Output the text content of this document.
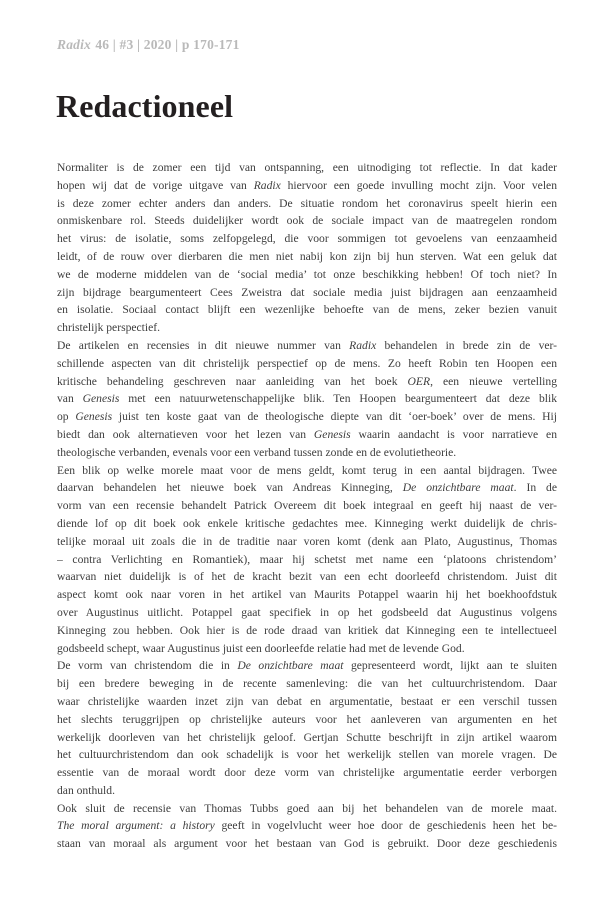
Radix 46 | #3 | 2020 | p 170-171
Redactioneel
Normaliter is de zomer een tijd van ontspanning, een uitnodiging tot reflectie. In dat kader
hopen wij dat de vorige uitgave van Radix hiervoor een goede invulling mocht zijn. Voor velen
is deze zomer echter anders dan anders. De situatie rondom het coronavirus speelt hierin een
onmiskenbare rol. Steeds duidelijker wordt ook de sociale impact van de maatregelen rondom
het virus: de isolatie, soms zelfopgelegd, die voor sommigen tot gevoelens van eenzaamheid
leidt, of de rouw over dierbaren die men niet nabij kon zijn bij hun sterven. Wat een geluk dat
we de moderne middelen van de ‘social media’ tot onze beschikking hebben! Of toch niet? In
zijn bijdrage beargumenteert Cees Zweistra dat sociale media juist bijdragen aan eenzaamheid
en isolatie. Sociaal contact blijft een wezenlijke behoefte van de mens, zeker bezien vanuit
christelijk perspectief.
De artikelen en recensies in dit nieuwe nummer van Radix behandelen in brede zin de ver-
schillende aspecten van dit christelijk perspectief op de mens. Zo heeft Robin ten Hoopen een
kritische behandeling geschreven naar aanleiding van het boek OER, een nieuwe vertelling
van Genesis met een natuurwetenschappelijke blik. Ten Hoopen beargumenteert dat deze blik
op Genesis juist ten koste gaat van de theologische diepte van dit ‘oer-boek’ over de mens. Hij
biedt dan ook alternatieven voor het lezen van Genesis waarin aandacht is voor narratieve en
theologische verbanden, evenals voor een verband tussen zonde en de evolutietheorie.
Een blik op welke morele maat voor de mens geldt, komt terug in een aantal bijdragen. Twee
daarvan behandelen het nieuwe boek van Andreas Kinneging, De onzichtbare maat. In de
vorm van een recensie behandelt Patrick Overeem dit boek integraal en geeft hij naast de ver-
diende lof op dit boek ook enkele kritische gedachtes mee. Kinneging werkt duidelijk de chris-
telijke moraal uit zoals die in de traditie naar voren komt (denk aan Plato, Augustinus, Thomas
– contra Verlichting en Romantiek), maar hij schetst met name een ‘platoons christendom’
waarvan niet duidelijk is of het de kracht bezit van een echt doorleefd christendom. Juist dit
aspect komt ook naar voren in het artikel van Maurits Potappel waarin hij het boekhoofdstuk
over Augustinus uitlicht. Potappel gaat specifiek in op het godsbeeld dat Augustinus volgens
Kinneging zou hebben. Ook hier is de rode draad van kritiek dat Kinneging een te intellectueel
godsbeeld schept, waar Augustinus juist een doorleefde relatie had met de levende God.
De vorm van christendom die in De onzichtbare maat gepresenteerd wordt, lijkt aan te sluiten
bij een bredere beweging in de recente samenleving: die van het cultuurchristendom. Daar
waar christelijke waarden inzet zijn van debat en argumentatie, bestaat er een verschil tussen
het slechts teruggrijpen op christelijke auteurs voor het aanleveren van argumenten en het
werkelijk doorleven van het christelijk geloof. Gertjan Schutte beschrijft in zijn artikel waarom
het cultuurchristendom dan ook schadelijk is voor het werkelijk stellen van morele vragen. De
essentie van de moraal wordt door deze vorm van christelijke argumentatie eerder verborgen
dan onthuld.
Ook sluit de recensie van Thomas Tubbs goed aan bij het behandelen van de morele maat.
The moral argument: a history geeft in vogelvlucht weer hoe door de geschiedenis heen het be-
staan van moraal als argument voor het bestaan van God is gebruikt. Door deze geschiedenis
